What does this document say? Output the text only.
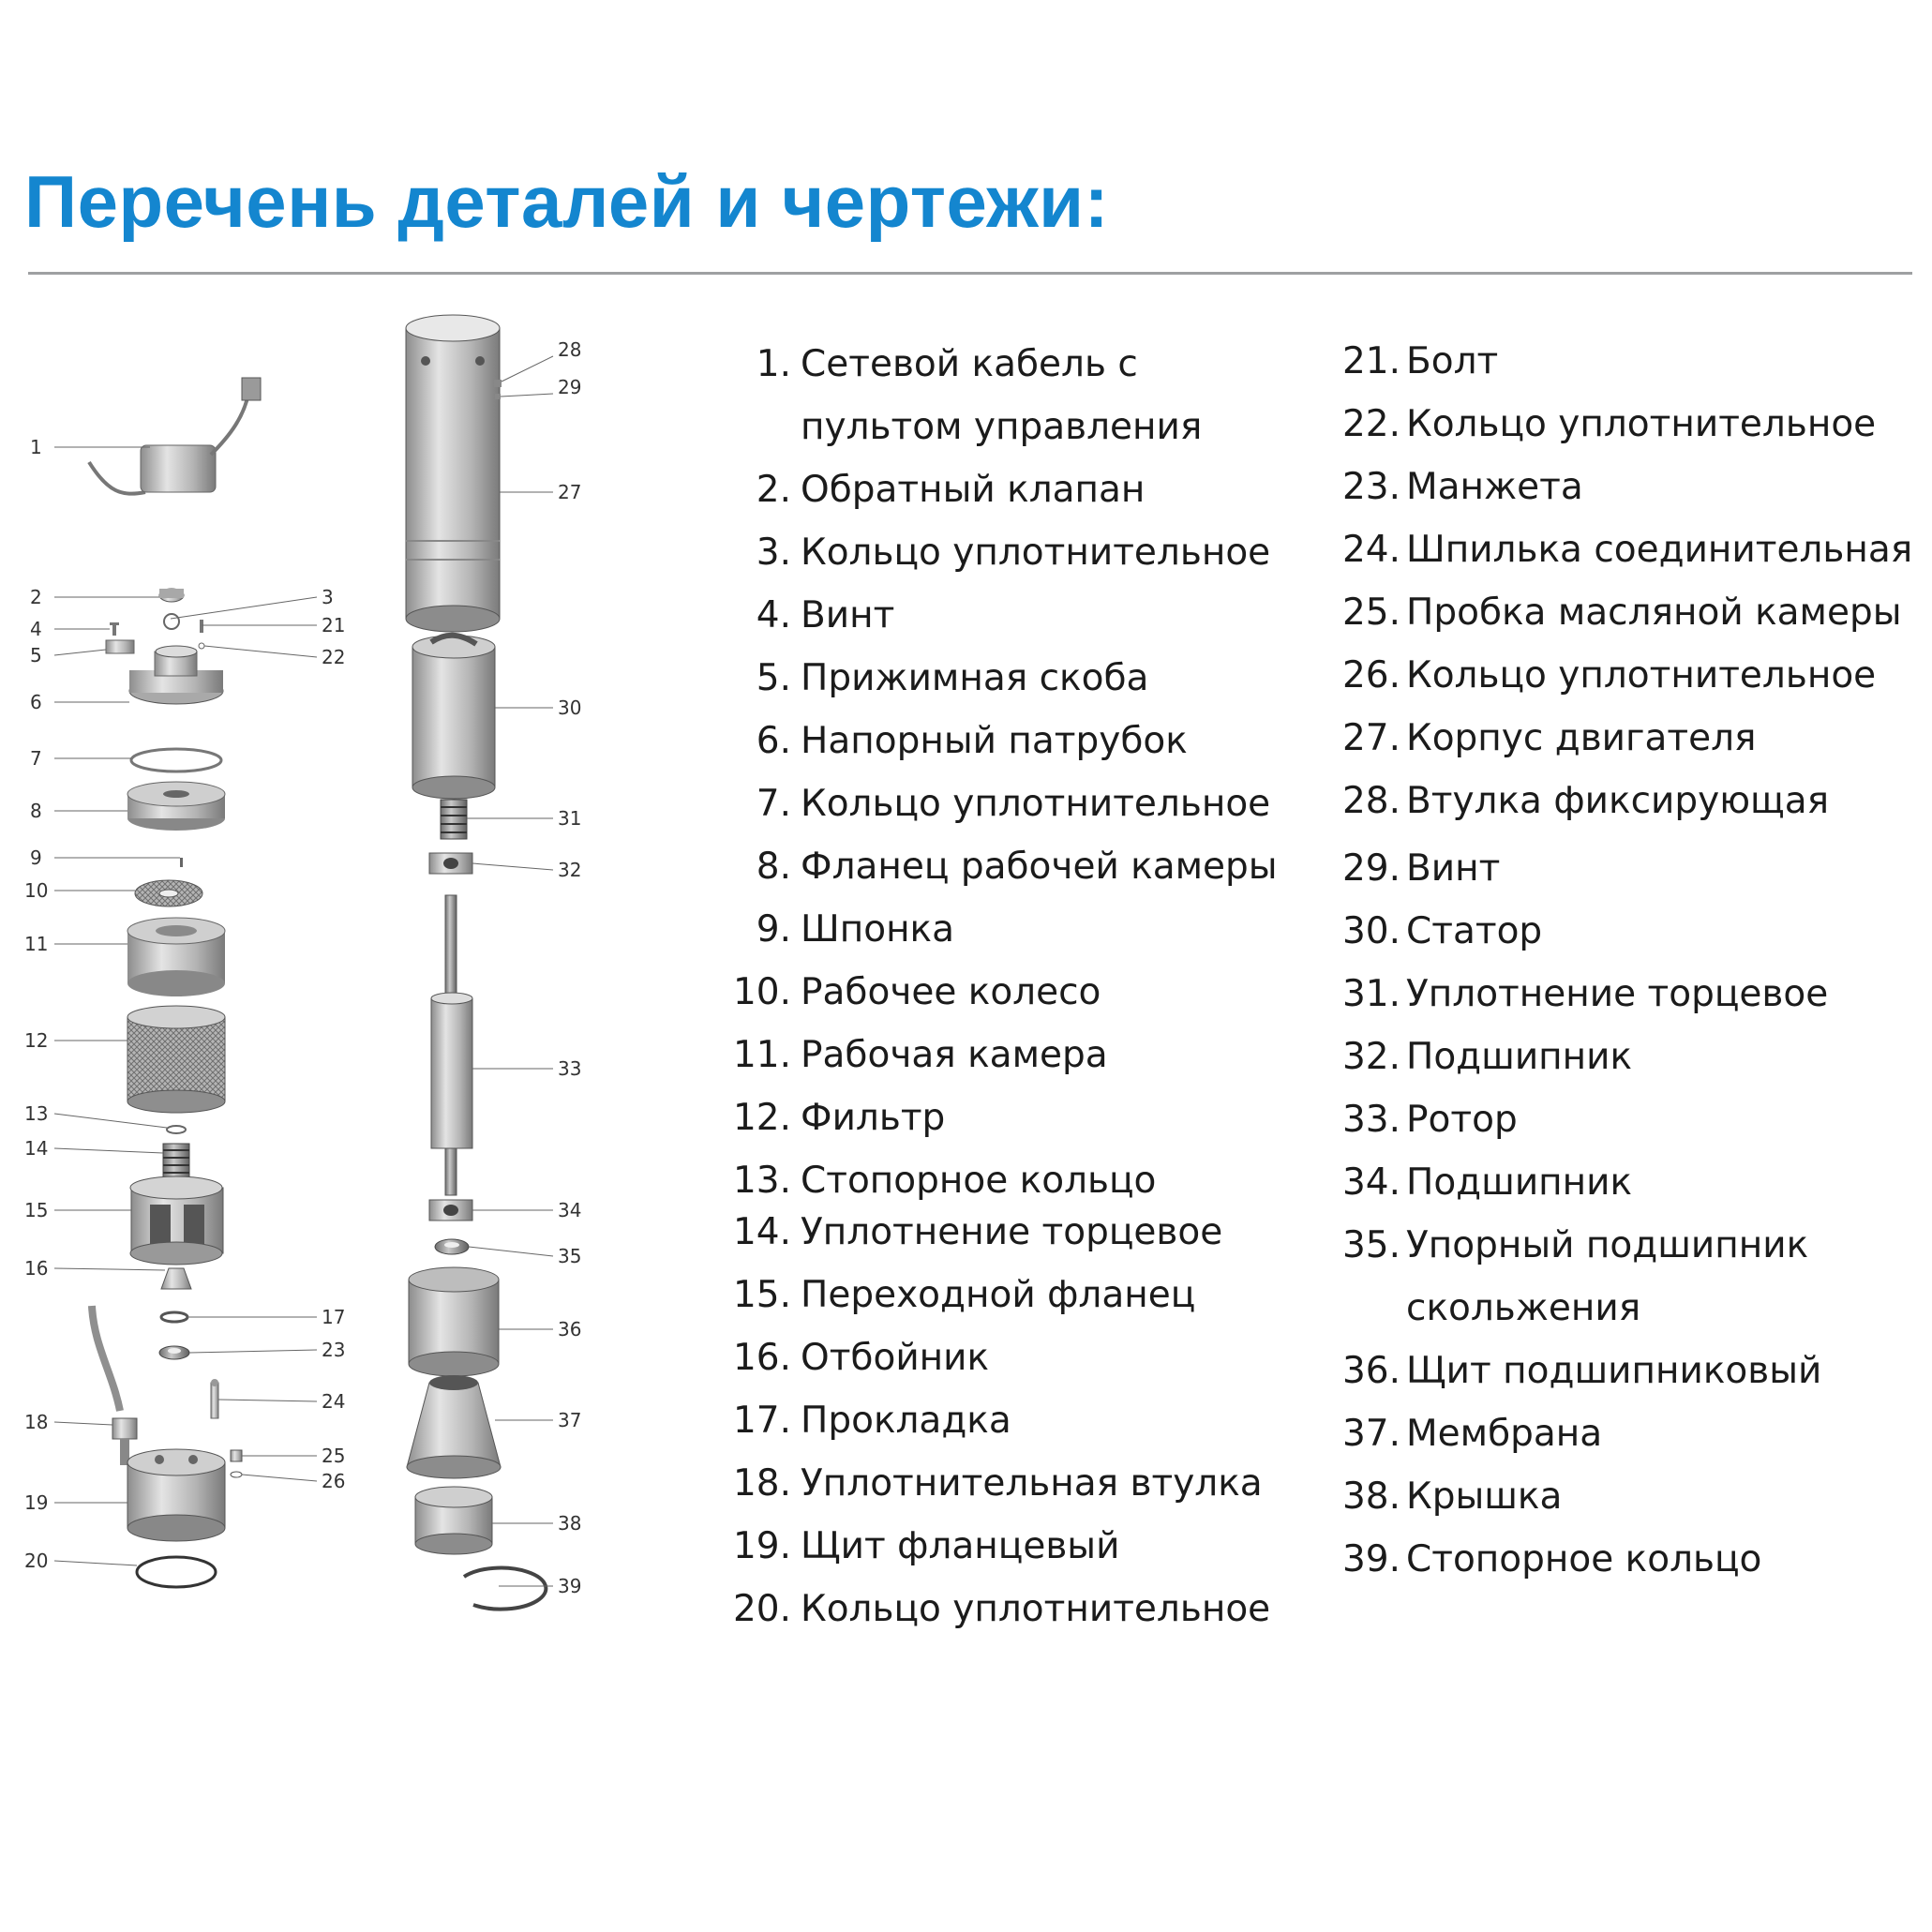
Перечень деталей и чертежи:
1
2	3
4
5
6
7
8
9
10
11
12
13
14
15
16
17
18
19
20
21
22
23
24
25
26
27
28
29
30
31
32
33
34
35
36
37
38
39
1. Сетевой кабель с пультом управления
2. Обратный клапан
3. Кольцо уплотнительное
4. Винт
5. Прижимная скоба
6. Напорный патрубок
7. Кольцо уплотнительное
8. Фланец рабочей камеры
9. Шпонка
10. Рабочее колесо
11. Рабочая камера
12. Фильтр
13. Стопорное кольцо
14. Уплотнение торцевое
15. Переходной фланец
16. Отбойник
17. Прокладка
18. Уплотнительная втулка
19. Щит фланцевый
20. Кольцо уплотнительное
21. Болт
22. Кольцо уплотнительное
23. Манжета
24. Шпилька соединительная
25. Пробка масляной камеры
26. Кольцо уплотнительное
27. Корпус двигателя
28. Втулка фиксирующая
29. Винт
30. Статор
31. Уплотнение торцевое
32. Подшипник
33. Ротор
34. Подшипник
35. Упорный подшипник скольжения
36. Щит подшипниковый
37. Мембрана
38. Крышка
39. Стопорное кольцо
